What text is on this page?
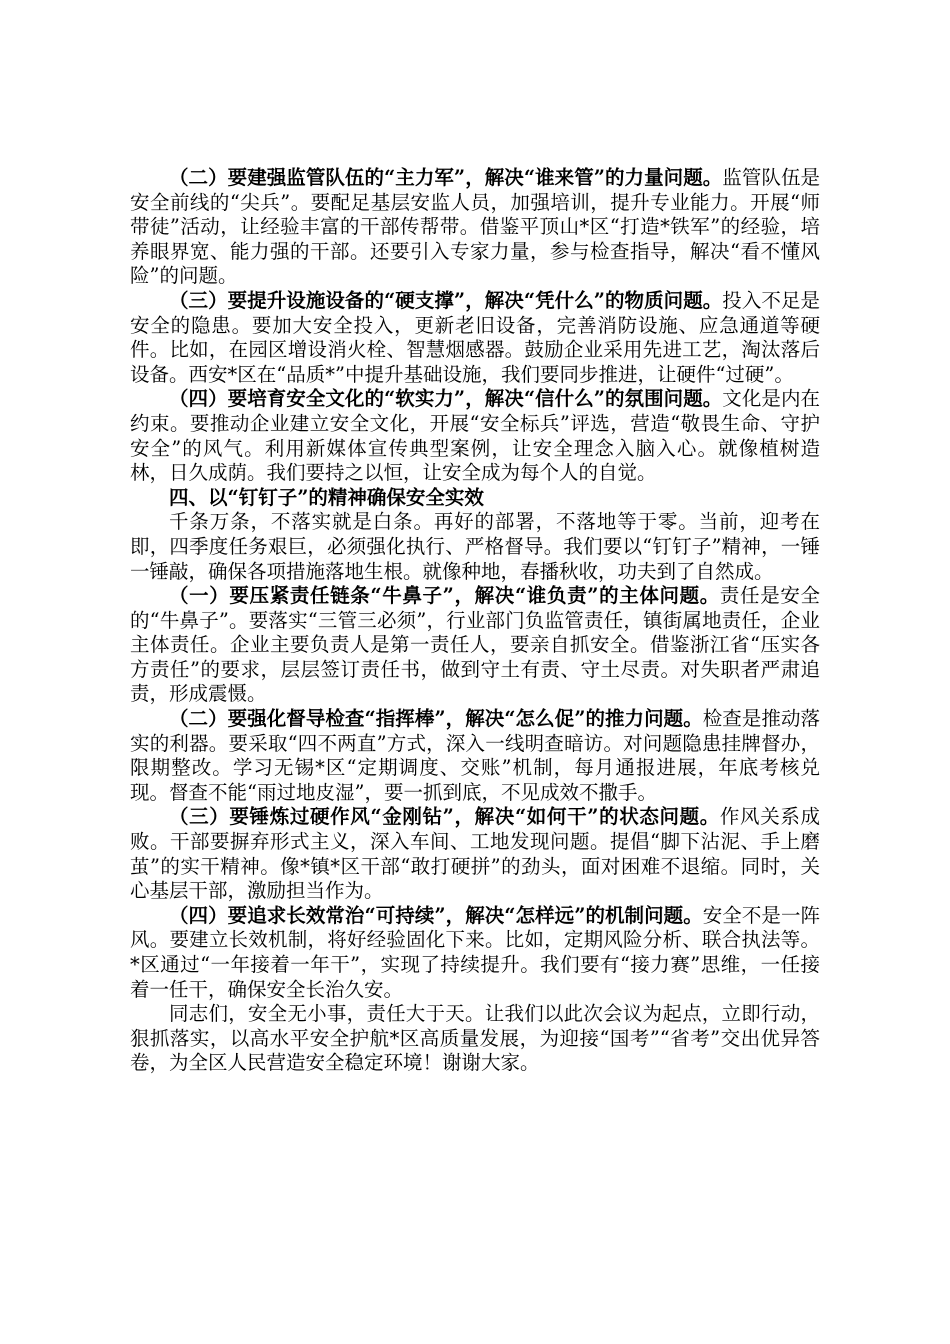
（二）要建强监管队伍的“主力军”，解决“谁来管”的力量问题。监管队伍是安全前线的“尖兵”。要配足基层安监人员，加强培训，提升专业能力。开展“师带徒”活动，让经验丰富的干部传帮带。借鉴平顶山*区“打造*铁军”的经验，培养眼界宽、能力强的干部。还要引入专家力量，参与检查指导，解决“看不懂风险”的问题。

（三）要提升设施设备的“硬支撑”，解决“凭什么”的物质问题。投入不足是安全的隐患。要加大安全投入，更新老旧设备，完善消防设施、应急通道等硬件。比如，在园区增设消火栓、智慧烟感器。鼓励企业采用先进工艺，淘汰落后设备。西安*区在“品质*”中提升基础设施，我们要同步推进，让硬件“过硬”。

（四）要培育安全文化的“软实力”，解决“信什么”的氛围问题。文化是内在约束。要推动企业建立安全文化，开展“安全标兵”评选，营造“敬畏生命、守护安全”的风气。利用新媒体宣传典型案例，让安全理念入脑入心。就像植树造林，日久成荫。我们要持之以恒，让安全成为每个人的自觉。

四、以“钉钉子”的精神确保安全实效

千条万条，不落实就是白条。再好的部署，不落地等于零。当前，迎考在即，四季度任务艰巨，必须强化执行、严格督导。我们要以“钉钉子”精神，一锤一锤敲，确保各项措施落地生根。就像种地，春播秋收，功夫到了自然成。

（一）要压紧责任链条“牛鼻子”，解决“谁负责”的主体问题。责任是安全的“牛鼻子”。要落实“三管三必须”，行业部门负监管责任，镇街属地责任，企业主体责任。企业主要负责人是第一责任人，要亲自抓安全。借鉴浙江省“压实各方责任”的要求，层层签订责任书，做到守土有责、守土尽责。对失职者严肃追责，形成震慑。

（二）要强化督导检查“指挥棒”，解决“怎么促”的推力问题。检查是推动落实的利器。要采取“四不两直”方式，深入一线明查暗访。对问题隐患挂牌督办，限期整改。学习无锡*区“定期调度、交账”机制，每月通报进展，年底考核兑现。督查不能“雨过地皮湿”，要一抓到底，不见成效不撒手。

（三）要锤炼过硬作风“金刚钻”，解决“如何干”的状态问题。作风关系成败。干部要摒弃形式主义，深入车间、工地发现问题。提倡“脚下沾泥、手上磨茧”的实干精神。像*镇*区干部“敢打硬拼”的劲头，面对困难不退缩。同时，关心基层干部，激励担当作为。

（四）要追求长效常治“可持续”，解决“怎样远”的机制问题。安全不是一阵风。要建立长效机制，将好经验固化下来。比如，定期风险分析、联合执法等。*区通过“一年接着一年干”，实现了持续提升。我们要有“接力赛”思维，一任接着一任干，确保安全长治久安。

同志们，安全无小事，责任大于天。让我们以此次会议为起点，立即行动，狠抓落实，以高水平安全护航*区高质量发展，为迎接“国考”“省考”交出优异答卷，为全区人民营造安全稳定环境！谢谢大家。
